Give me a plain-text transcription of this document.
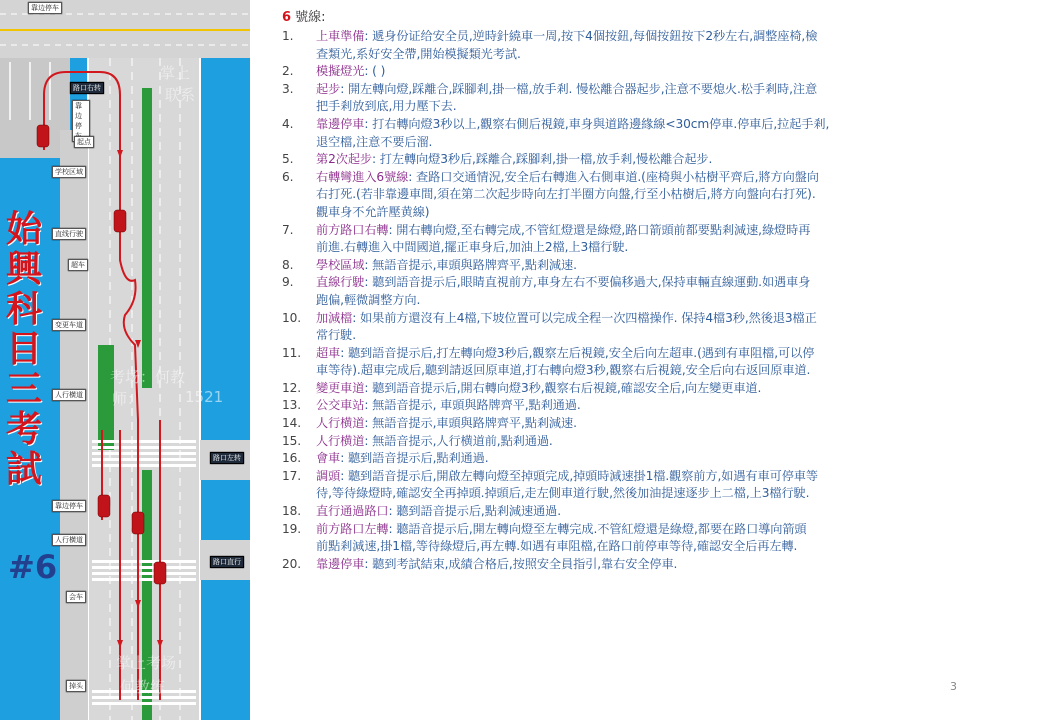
掌上
联系
考场：何教
师：	1521
掌上考场
何教练
靠边停车
路口右转
靠边停
起点
学校区域
直线行驶
超车
变更车道
人行横道
路口左转
靠边停车
人行横道
路口直行
会车
掉头
始興科目三考試
#6
6 號線:
1. 上車準備: 遞身份证给安全员,逆時針繞車一周,按下4個按鈕,每個按鈕按下2秒左右,調整座椅,檢
查類光,系好安全帶,開始模擬類光考試.
2. 模擬燈光: ( )
3. 起步: 開左轉向燈,踩離合,踩腳剎,掛一檔,放手剎. 慢松離合器起步,注意不要熄火.松手剎時,注意
把手剎放到底,用力壓下去.
4. 靠邊停車: 打右轉向燈3秒以上,觀察右側后視鏡,車身與道路邊緣線<30cm停車.停車后,拉起手剎,
退空檔,注意不要后溜.
5. 第2次起步: 打左轉向燈3秒后,踩離合,踩腳剎,掛一檔,放手剎,慢松離合起步.
6. 右轉彎進入6號線: 查路口交通情況,安全后右轉進入右側車道.(座椅與小枯樹平齊后,將方向盤向
右打死.(若非靠邊車間,須在第二次起步時向左打半圈方向盤,行至小枯樹后,將方向盤向右打死).
觀車身不允許壓黄線)
7. 前方路口右轉: 開右轉向燈,至右轉完成,不管紅燈還是綠燈,路口箭頭前都要點剎減速,綠燈時再
前進.右轉進入中間國道,擺正車身后,加油上2檔,上3檔行駛.
8. 學校區域: 無語音提示,車頭與路牌齊平,點剎減速.
9. 直線行駛: 聽到語音提示后,眼睛直視前方,車身左右不要偏移過大,保持車輛直線運動.如遇車身
跑偏,輕微調整方向.
10. 加減檔: 如果前方還沒有上4檔,下坡位置可以完成全程一次四檔操作. 保持4檔3秒,然後退3檔正
常行駛.
11. 超車: 聽到語音提示后,打左轉向燈3秒后,觀察左后視鏡,安全后向左超車.(遇到有車阻檔,可以停
車等待).超車完成后,聽到請返回原車道,打右轉向燈3秒,觀察右后視鏡,安全后向右返回原車道.
12. 變更車道: 聽到語音提示后,開右轉向燈3秒,觀察右后視鏡,確認安全后,向左變更車道.
13. 公交車站: 無語音提示, 車頭與路牌齊平,點剎通過.
14. 人行横道: 無語音提示,車頭與路牌齊平,點剎減速.
15. 人行横道: 無語音提示,人行横道前,點剎通過.
16. 會車: 聽到語音提示后,點剎通過.
17. 調頭: 聽到語音提示后,開啟左轉向燈至掉頭完成,掉頭時減速掛1檔.觀察前方,如遇有車可停車等
待,等待綠燈時,確認安全再掉頭.掉頭后,走左側車道行駛,然後加油提速逐步上二檔,上3檔行駛.
18. 直行通過路口: 聽到語音提示后,點剎減速通過.
19. 前方路口左轉: 聽語音提示后,開左轉向燈至左轉完成.不管紅燈還是綠燈,都要在路口導向箭頭
前點剎減速,掛1檔,等待綠燈后,再左轉.如遇有車阻檔,在路口前停車等待,確認安全后再左轉.
20. 靠邊停車: 聽到考試結束,成績合格后,按照安全員指引,靠右安全停車.
3
